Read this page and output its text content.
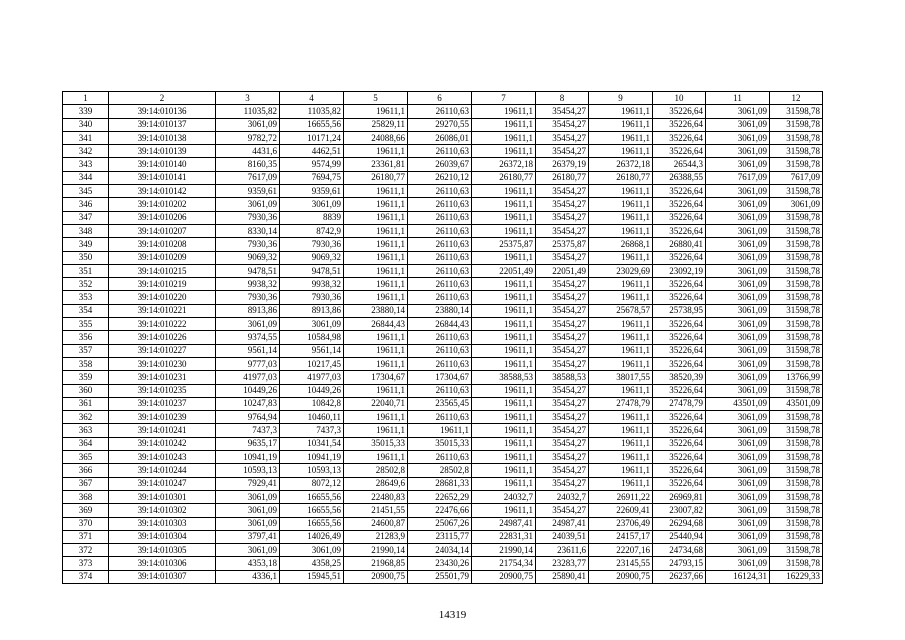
1	2	3	4	5	6	7	8	9	10	11	12
339	39:14:010136	11035,82	11035,82	19611,1	26110,63	19611,1	35454,27	19611,1	35226,64	3061,09	31598,78
340	39:14:010137	3061,09	16655,56	25829,11	29270,55	19611,1	35454,27	19611,1	35226,64	3061,09	31598,78
341	39:14:010138	9782,72	10171,24	24088,66	26086,01	19611,1	35454,27	19611,1	35226,64	3061,09	31598,78
342	39:14:010139	4431,6	4462,51	19611,1	26110,63	19611,1	35454,27	19611,1	35226,64	3061,09	31598,78
343	39:14:010140	8160,35	9574,99	23361,81	26039,67	26372,18	26379,19	26372,18	26544,3	3061,09	31598,78
344	39:14:010141	7617,09	7694,75	26180,77	26210,12	26180,77	26180,77	26180,77	26388,55	7617,09	7617,09
345	39:14:010142	9359,61	9359,61	19611,1	26110,63	19611,1	35454,27	19611,1	35226,64	3061,09	31598,78
346	39:14:010202	3061,09	3061,09	19611,1	26110,63	19611,1	35454,27	19611,1	35226,64	3061,09	3061,09
347	39:14:010206	7930,36	8839	19611,1	26110,63	19611,1	35454,27	19611,1	35226,64	3061,09	31598,78
348	39:14:010207	8330,14	8742,9	19611,1	26110,63	19611,1	35454,27	19611,1	35226,64	3061,09	31598,78
349	39:14:010208	7930,36	7930,36	19611,1	26110,63	25375,87	25375,87	26868,1	26880,41	3061,09	31598,78
350	39:14:010209	9069,32	9069,32	19611,1	26110,63	19611,1	35454,27	19611,1	35226,64	3061,09	31598,78
351	39:14:010215	9478,51	9478,51	19611,1	26110,63	22051,49	22051,49	23029,69	23092,19	3061,09	31598,78
352	39:14:010219	9938,32	9938,32	19611,1	26110,63	19611,1	35454,27	19611,1	35226,64	3061,09	31598,78
353	39:14:010220	7930,36	7930,36	19611,1	26110,63	19611,1	35454,27	19611,1	35226,64	3061,09	31598,78
354	39:14:010221	8913,86	8913,86	23880,14	23880,14	19611,1	35454,27	25678,57	25738,95	3061,09	31598,78
355	39:14:010222	3061,09	3061,09	26844,43	26844,43	19611,1	35454,27	19611,1	35226,64	3061,09	31598,78
356	39:14:010226	9374,55	10584,98	19611,1	26110,63	19611,1	35454,27	19611,1	35226,64	3061,09	31598,78
357	39:14:010227	9561,14	9561,14	19611,1	26110,63	19611,1	35454,27	19611,1	35226,64	3061,09	31598,78
358	39:14:010230	9777,03	10217,45	19611,1	26110,63	19611,1	35454,27	19611,1	35226,64	3061,09	31598,78
359	39:14:010231	41977,03	41977,03	17304,67	17304,67	38588,53	38588,53	38017,55	38520,39	3061,09	13766,99
360	39:14:010235	10449,26	10449,26	19611,1	26110,63	19611,1	35454,27	19611,1	35226,64	3061,09	31598,78
361	39:14:010237	10247,83	10842,8	22040,71	23565,45	19611,1	35454,27	27478,79	27478,79	43501,09	43501,09
362	39:14:010239	9764,94	10460,11	19611,1	26110,63	19611,1	35454,27	19611,1	35226,64	3061,09	31598,78
363	39:14:010241	7437,3	7437,3	19611,1	19611,1	19611,1	35454,27	19611,1	35226,64	3061,09	31598,78
364	39:14:010242	9635,17	10341,54	35015,33	35015,33	19611,1	35454,27	19611,1	35226,64	3061,09	31598,78
365	39:14:010243	10941,19	10941,19	19611,1	26110,63	19611,1	35454,27	19611,1	35226,64	3061,09	31598,78
366	39:14:010244	10593,13	10593,13	28502,8	28502,8	19611,1	35454,27	19611,1	35226,64	3061,09	31598,78
367	39:14:010247	7929,41	8072,12	28649,6	28681,33	19611,1	35454,27	19611,1	35226,64	3061,09	31598,78
368	39:14:010301	3061,09	16655,56	22480,83	22652,29	24032,7	24032,7	26911,22	26969,81	3061,09	31598,78
369	39:14:010302	3061,09	16655,56	21451,55	22476,66	19611,1	35454,27	22609,41	23007,82	3061,09	31598,78
370	39:14:010303	3061,09	16655,56	24600,87	25067,26	24987,41	24987,41	23706,49	26294,68	3061,09	31598,78
371	39:14:010304	3797,41	14026,49	21283,9	23115,77	22831,31	24039,51	24157,17	25440,94	3061,09	31598,78
372	39:14:010305	3061,09	3061,09	21990,14	24034,14	21990,14	23611,6	22207,16	24734,68	3061,09	31598,78
373	39:14:010306	4353,18	4358,25	21968,85	23430,26	21754,34	23283,77	23145,55	24793,15	3061,09	31598,78
374	39:14:010307	4336,1	15945,51	20900,75	25501,79	20900,75	25890,41	20900,75	26237,66	16124,31	16229,33
14319
